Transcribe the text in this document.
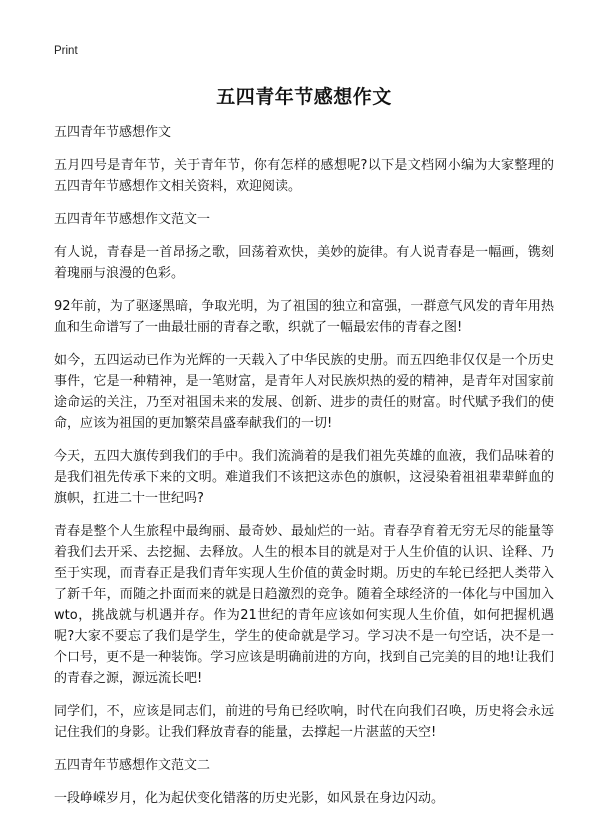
Print
五四青年节感想作文

五四青年节感想作文

五月四号是青年节，关于青年节，你有怎样的感想呢?以下是文档网小编为大家整理的五四青年节感想作文相关资料，欢迎阅读。

五四青年节感想作文范文一

有人说，青春是一首昂扬之歌，回荡着欢快，美妙的旋律。有人说青春是一幅画，镌刻着瑰丽与浪漫的色彩。

92年前，为了驱逐黑暗，争取光明，为了祖国的独立和富强，一群意气风发的青年用热血和生命谱写了一曲最壮丽的青春之歌，织就了一幅最宏伟的青春之图!

如今，五四运动已作为光辉的一天载入了中华民族的史册。而五四绝非仅仅是一个历史事件，它是一种精神，是一笔财富，是青年人对民族炽热的爱的精神，是青年对国家前途命运的关注，乃至对祖国未来的发展、创新、进步的责任的财富。时代赋予我们的使命，应该为祖国的更加繁荣昌盛奉献我们的一切!

今天，五四大旗传到我们的手中。我们流淌着的是我们祖先英雄的血液，我们品味着的是我们祖先传承下来的文明。难道我们不该把这赤色的旗帜，这浸染着祖祖辈辈鲜血的旗帜，扛进二十一世纪吗?

青春是整个人生旅程中最绚丽、最奇妙、最灿烂的一站。青春孕育着无穷无尽的能量等着我们去开采、去挖掘、去释放。人生的根本目的就是对于人生价值的认识、诠释、乃至于实现，而青春正是我们青年实现人生价值的黄金时期。历史的车轮已经把人类带入了新千年，而随之扑面而来的就是日趋激烈的竞争。随着全球经济的一体化与中国加入wto，挑战就与机遇并存。作为21世纪的青年应该如何实现人生价值，如何把握机遇呢?大家不要忘了我们是学生，学生的使命就是学习。学习决不是一句空话，决不是一个口号，更不是一种装饰。学习应该是明确前进的方向，找到自己完美的目的地!让我们的青春之源，源远流长吧!

同学们，不，应该是同志们，前进的号角已经吹响，时代在向我们召唤，历史将会永远记住我们的身影。让我们释放青春的能量，去撑起一片湛蓝的天空!

五四青年节感想作文范文二

一段峥嵘岁月，化为起伏变化错落的历史光影，如风景在身边闪动。
